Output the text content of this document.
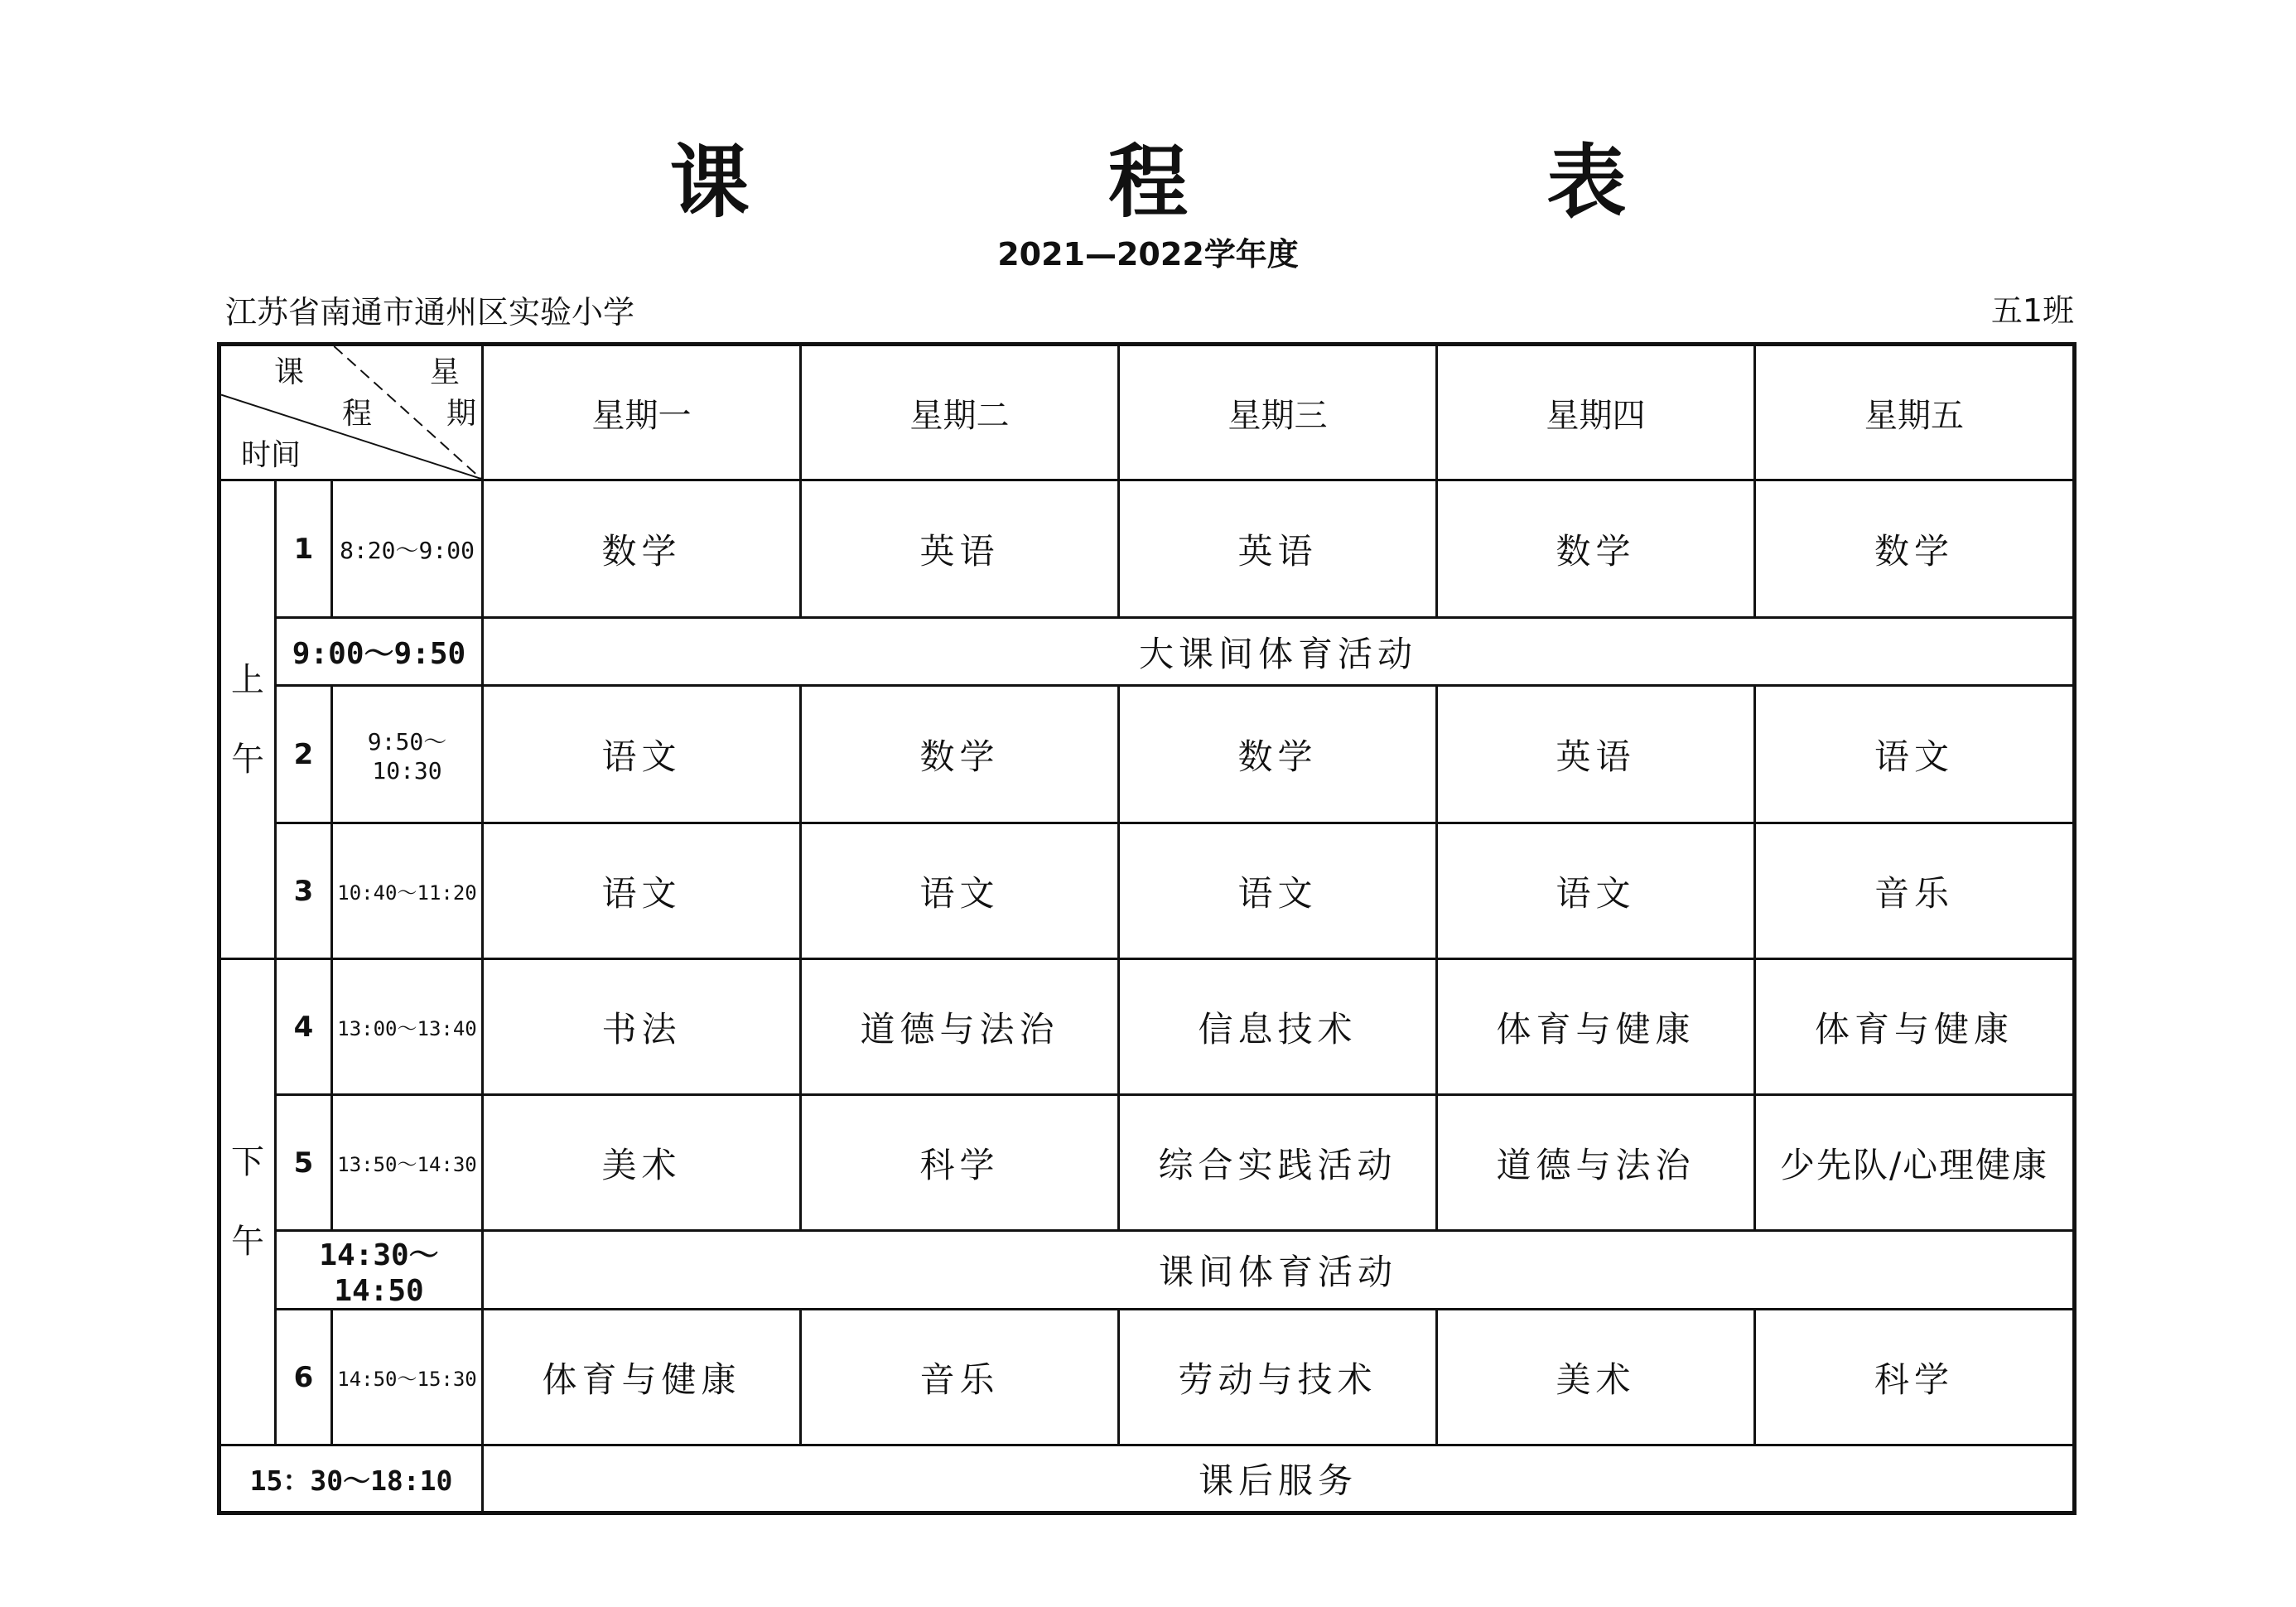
课 程 表
2021—2022学年度
江苏省南通市通州区实验小学	五1班
课
程
星
期
时间			星期一	星期二	星期三	星期四	星期五

上
午	1	8:20～9:00	数学	英语	英语	数学	数学
	9:00～9:50		大课间体育活动				
	2	9:50～10:30	语文	数学	数学	英语	语文
	3	10:40～11:20	语文	语文	语文	语文	音乐

下
午	4	13:00～13:40	书法	道德与法治	信息技术	体育与健康	体育与健康
	5	13:50～14:30	美术	科学	综合实践活动	道德与法治	少先队/心理健康
	14:30～14:50		课间体育活动				
	6	14:50～15:30	体育与健康	音乐	劳动与技术	美术	科学
15：30～18:10			课后服务				
